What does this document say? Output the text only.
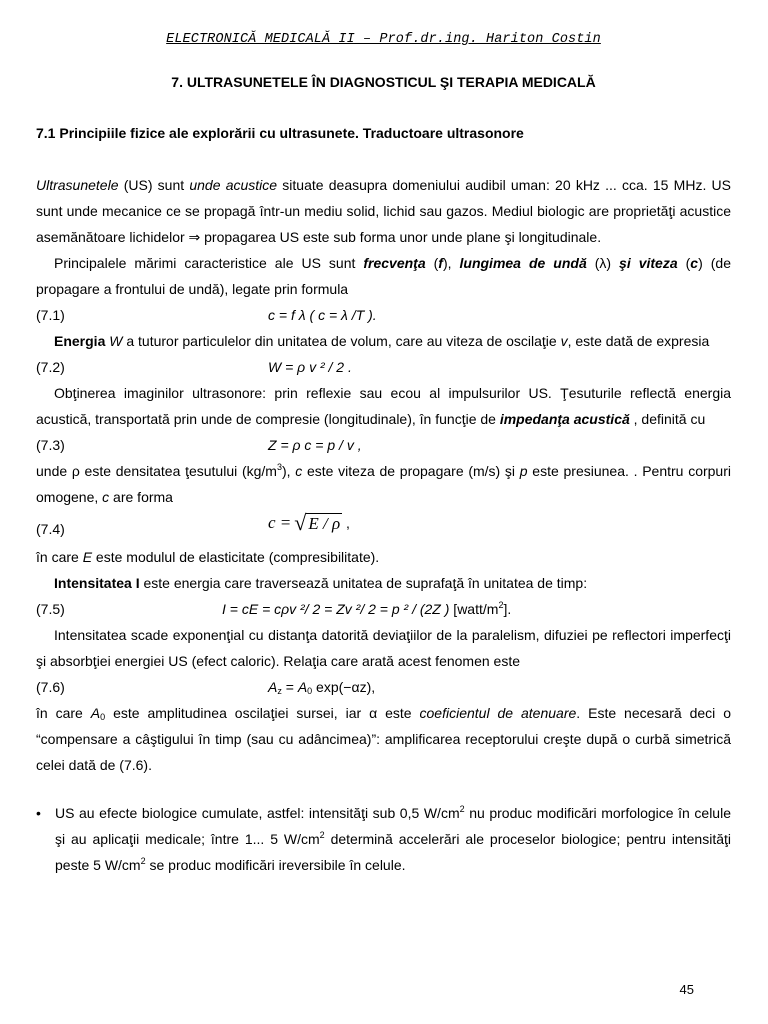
ELECTRONICĂ MEDICALĂ II – Prof.dr.ing. Hariton Costin
7. ULTRASUNETELE ÎN DIAGNOSTICUL ŞI TERAPIA MEDICALĂ
7.1 Principiile fizice ale explorării cu ultrasunete. Traductoare ultrasonore

Ultrasunetele (US) sunt unde acustice situate deasupra domeniului audibil uman: 20 kHz ... cca. 15 MHz. US sunt unde mecanice ce se propagă într-un mediu solid, lichid sau gazos. Mediul biologic are proprietăţi acustice asemănătoare lichidelor ⇒ propagarea US este sub forma unor unde plane şi longitudinale.

Principalele mărimi caracteristice ale US sunt frecvenţa (f), lungimea de undă (λ) şi viteza (c) (de propagare a frontului de undă), legate prin formula

(7.1)	c = f λ ( c = λ /T ).

Energia W a tuturor particulelor din unitatea de volum, care au viteza de oscilaţie v, este dată de expresia

(7.2)	W = ρ v ² / 2 .

Obţinerea imaginilor ultrasonore: prin reflexie sau ecou al impulsurilor US. Ţesuturile reflectă energia acustică, transportată prin unde de compresie (longitudinale), în funcţie de impedanţa acustică , definită cu

(7.3)	Z = ρ c = p / v ,

unde ρ este densitatea ţesutului $(kg/m^3)$, c este viteza de propagare (m/s) şi p este presiunea. . Pentru corpuri omogene, c are forma

(7.4)	c = √ E / ρ ,

în care E este modulul de elasticitate (compresibilitate).

Intensitatea I este energia care traversează unitatea de suprafaţă în unitatea de timp:

(7.5)	I = cE = cρv ²/ 2 = Zv ²/ 2 = p ² / (2Z ) $[watt/m^2]$.

Intensitatea scade exponenţial cu distanţa datorită deviaţiilor de la paralelism, difuziei pe reflectori imperfecţi şi absorbţiei energiei US (efect caloric). Relaţia care arată acest fenomen este

(7.6)	$A_z = A_0$ exp(−αz),

în care $A_0$ este amplitudinea oscilaţiei sursei, iar α este coeficientul de atenuare. Este necesară deci o “compensare a câştigului în timp (sau cu adâncimea)”: amplificarea receptorului creşte după o curbă simetrică celei dată de (7.6).

• US au efecte biologice cumulate, astfel: intensităţi sub 0,5 $W/cm^2$ nu produc modificări morfologice în celule şi au aplicaţii medicale; între 1... 5 $W/cm^2$ determină accelerări ale proceselor biologice; pentru intensităţi peste 5 $W/cm^2$ se produc modificări ireversibile în celule.
45
